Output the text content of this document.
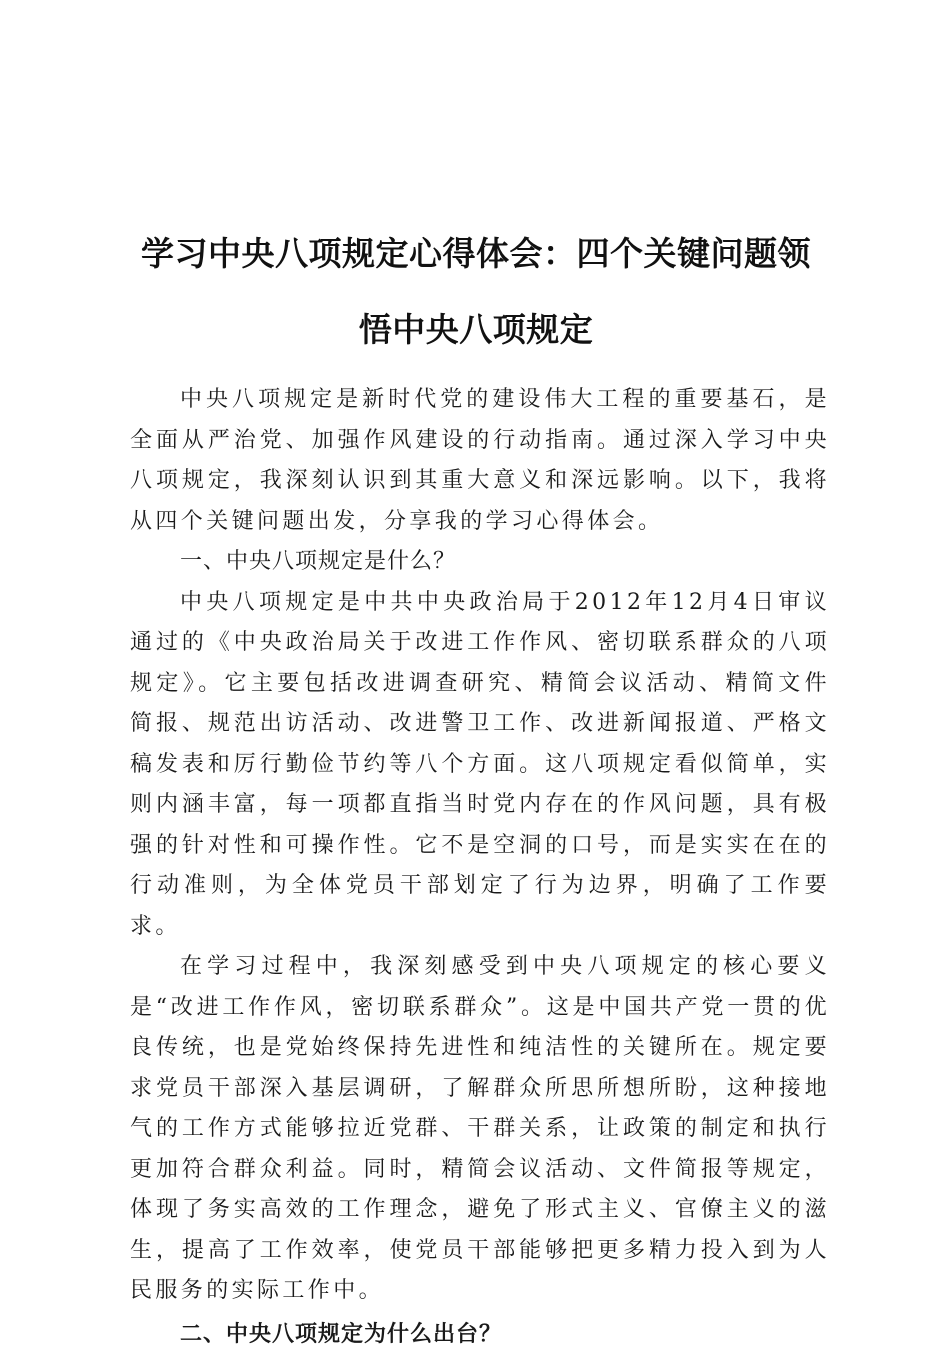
学习中央八项规定心得体会：四个关键问题领
悟中央八项规定

中央八项规定是新时代党的建设伟大工程的重要基石，是全面从严治党、加强作风建设的行动指南。通过深入学习中央八项规定，我深刻认识到其重大意义和深远影响。以下，我将从四个关键问题出发，分享我的学习心得体会。

一、中央八项规定是什么？

中央八项规定是中共中央政治局于2012年12月4日审议通过的《中央政治局关于改进工作作风、密切联系群众的八项规定》。它主要包括改进调查研究、精简会议活动、精简文件简报、规范出访活动、改进警卫工作、改进新闻报道、严格文稿发表和厉行勤俭节约等八个方面。这八项规定看似简单，实则内涵丰富，每一项都直指当时党内存在的作风问题，具有极强的针对性和可操作性。它不是空洞的口号，而是实实在在的行动准则，为全体党员干部划定了行为边界，明确了工作要求。

在学习过程中，我深刻感受到中央八项规定的核心要义是“改进工作作风，密切联系群众”。这是中国共产党一贯的优良传统，也是党始终保持先进性和纯洁性的关键所在。规定要求党员干部深入基层调研，了解群众所思所想所盼，这种接地气的工作方式能够拉近党群、干群关系，让政策的制定和执行更加符合群众利益。同时，精简会议活动、文件简报等规定，体现了务实高效的工作理念，避免了形式主义、官僚主义的滋生，提高了工作效率，使党员干部能够把更多精力投入到为人民服务的实际工作中。

二、中央八项规定为什么出台？
